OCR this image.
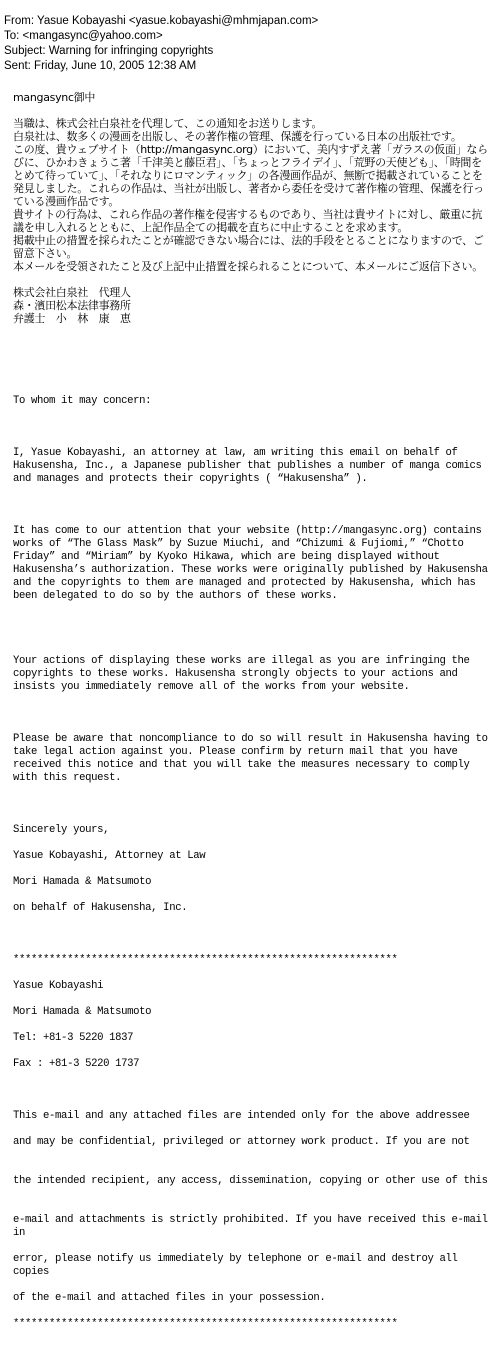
From: Yasue Kobayashi <yasue.kobayashi@mhmjapan.com>
To: <mangasync@yahoo.com>
Subject: Warning for infringing copyrights
Sent: Friday, June 10, 2005 12:38 AM

mangasync御中

当職は、株式会社白泉社を代理して、この通知をお送りします。

白泉社は、数多くの漫画を出版し、その著作権の管理、保護を行っている日本の出版社です。

この度、貴ウェブサイト（http://mangasync.org）において、美内すずえ著「ガラスの仮面」ならびに、ひかわきょうこ著「千津美と藤臣君」、「ちょっとフライデイ」、「荒野の天使ども」、「時間をとめて待っていて」、「それなりにロマンティック」の各漫画作品が、無断で掲載されていることを発見しました。これらの作品は、当社が出版し、著者から委任を受けて著作権の管理、保護を行っている漫画作品です。

貴サイトの行為は、これら作品の著作権を侵害するものであり、当社は貴サイトに対し、厳重に抗議を申し入れるとともに、上記作品全ての掲載を直ちに中止することを求めます。

掲載中止の措置を採られたことが確認できない場合には、法的手段をとることになりますので、ご留意下さい。

本メールを受領されたこと及び上記中止措置を採られることについて、本メールにご返信下さい。

株式会社白泉社　代理人

森・濱田松本法律事務所

弁護士　小　林　康　恵

To whom it may concern:
I, Yasue Kobayashi, an attorney at law, am writing this email on behalf of Hakusensha, Inc., a Japanese publisher that publishes a number of manga comics and manages and protects their copyrights ( “Hakusensha” ).
It has come to our attention that your website (http://mangasync.org) contains works of “The Glass Mask” by Suzue Miuchi, and “Chizumi & Fujiomi,” “Chotto Friday” and “Miriam” by Kyoko Hikawa, which are being displayed without Hakusensha’s authorization. These works were originally published by Hakusensha and the copyrights to them are managed and protected by Hakusensha, which has been delegated to do so by the authors of these works.
Your actions of displaying these works are illegal as you are infringing the copyrights to these works. Hakusensha strongly objects to your actions and insists you immediately remove all of the works from your website.
Please be aware that noncompliance to do so will result in Hakusensha having to take legal action against you. Please confirm by return mail that you have received this notice and that you will take the measures necessary to comply with this request.
Sincerely yours,
Yasue Kobayashi, Attorney at Law
Mori Hamada & Matsumoto
on behalf of Hakusensha, Inc.
****************************************************************
Yasue Kobayashi
Mori Hamada & Matsumoto
Tel: +81-3 5220 1837
Fax : +81-3 5220 1737
This e-mail and any attached files are intended only for the above addressee
and may be confidential, privileged or attorney work product. If you are not
the intended recipient, any access, dissemination, copying or other use of this
e-mail and attachments is strictly prohibited. If you have received this e-mail in
error, please notify us immediately by telephone or e-mail and destroy all copies
of the e-mail and attached files in your possession.
****************************************************************
